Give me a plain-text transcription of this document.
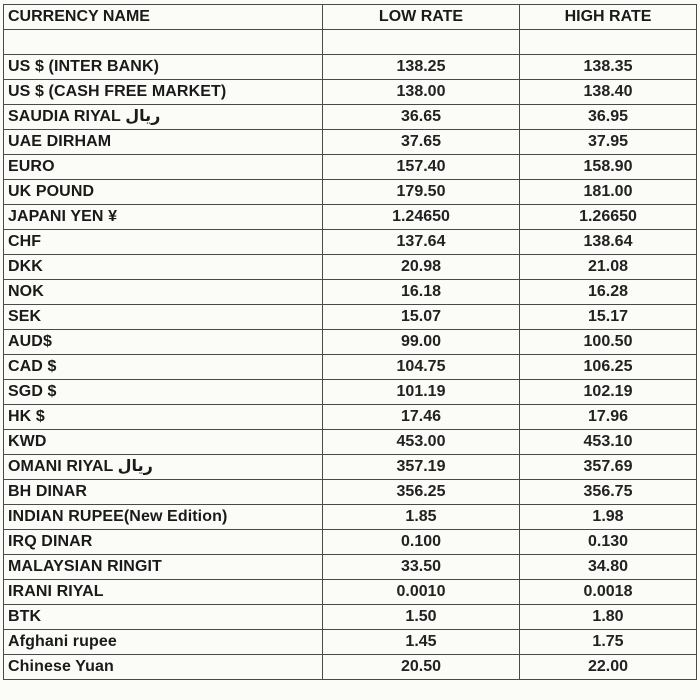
CURRENCY NAME	LOW RATE	HIGH RATE

US $ (INTER BANK)	138.25	138.35
US $ (CASH FREE MARKET)	138.00	138.40
SAUDIA RIYAL ریال	36.65	36.95
UAE DIRHAM	37.65	37.95
EURO	157.40	158.90
UK POUND	179.50	181.00
JAPANI YEN ¥	1.24650	1.26650
CHF	137.64	138.64
DKK	20.98	21.08
NOK	16.18	16.28
SEK	15.07	15.17
AUD$	99.00	100.50
CAD $	104.75	106.25
SGD $	101.19	102.19
HK $	17.46	17.96
KWD	453.00	453.10
OMANI RIYAL ریال	357.19	357.69
BH DINAR	356.25	356.75
INDIAN RUPEE(New Edition)	1.85	1.98
IRQ DINAR	0.100	0.130
MALAYSIAN RINGIT	33.50	34.80
IRANI RIYAL	0.0010	0.0018
BTK	1.50	1.80
Afghani rupee	1.45	1.75
Chinese Yuan	20.50	22.00
